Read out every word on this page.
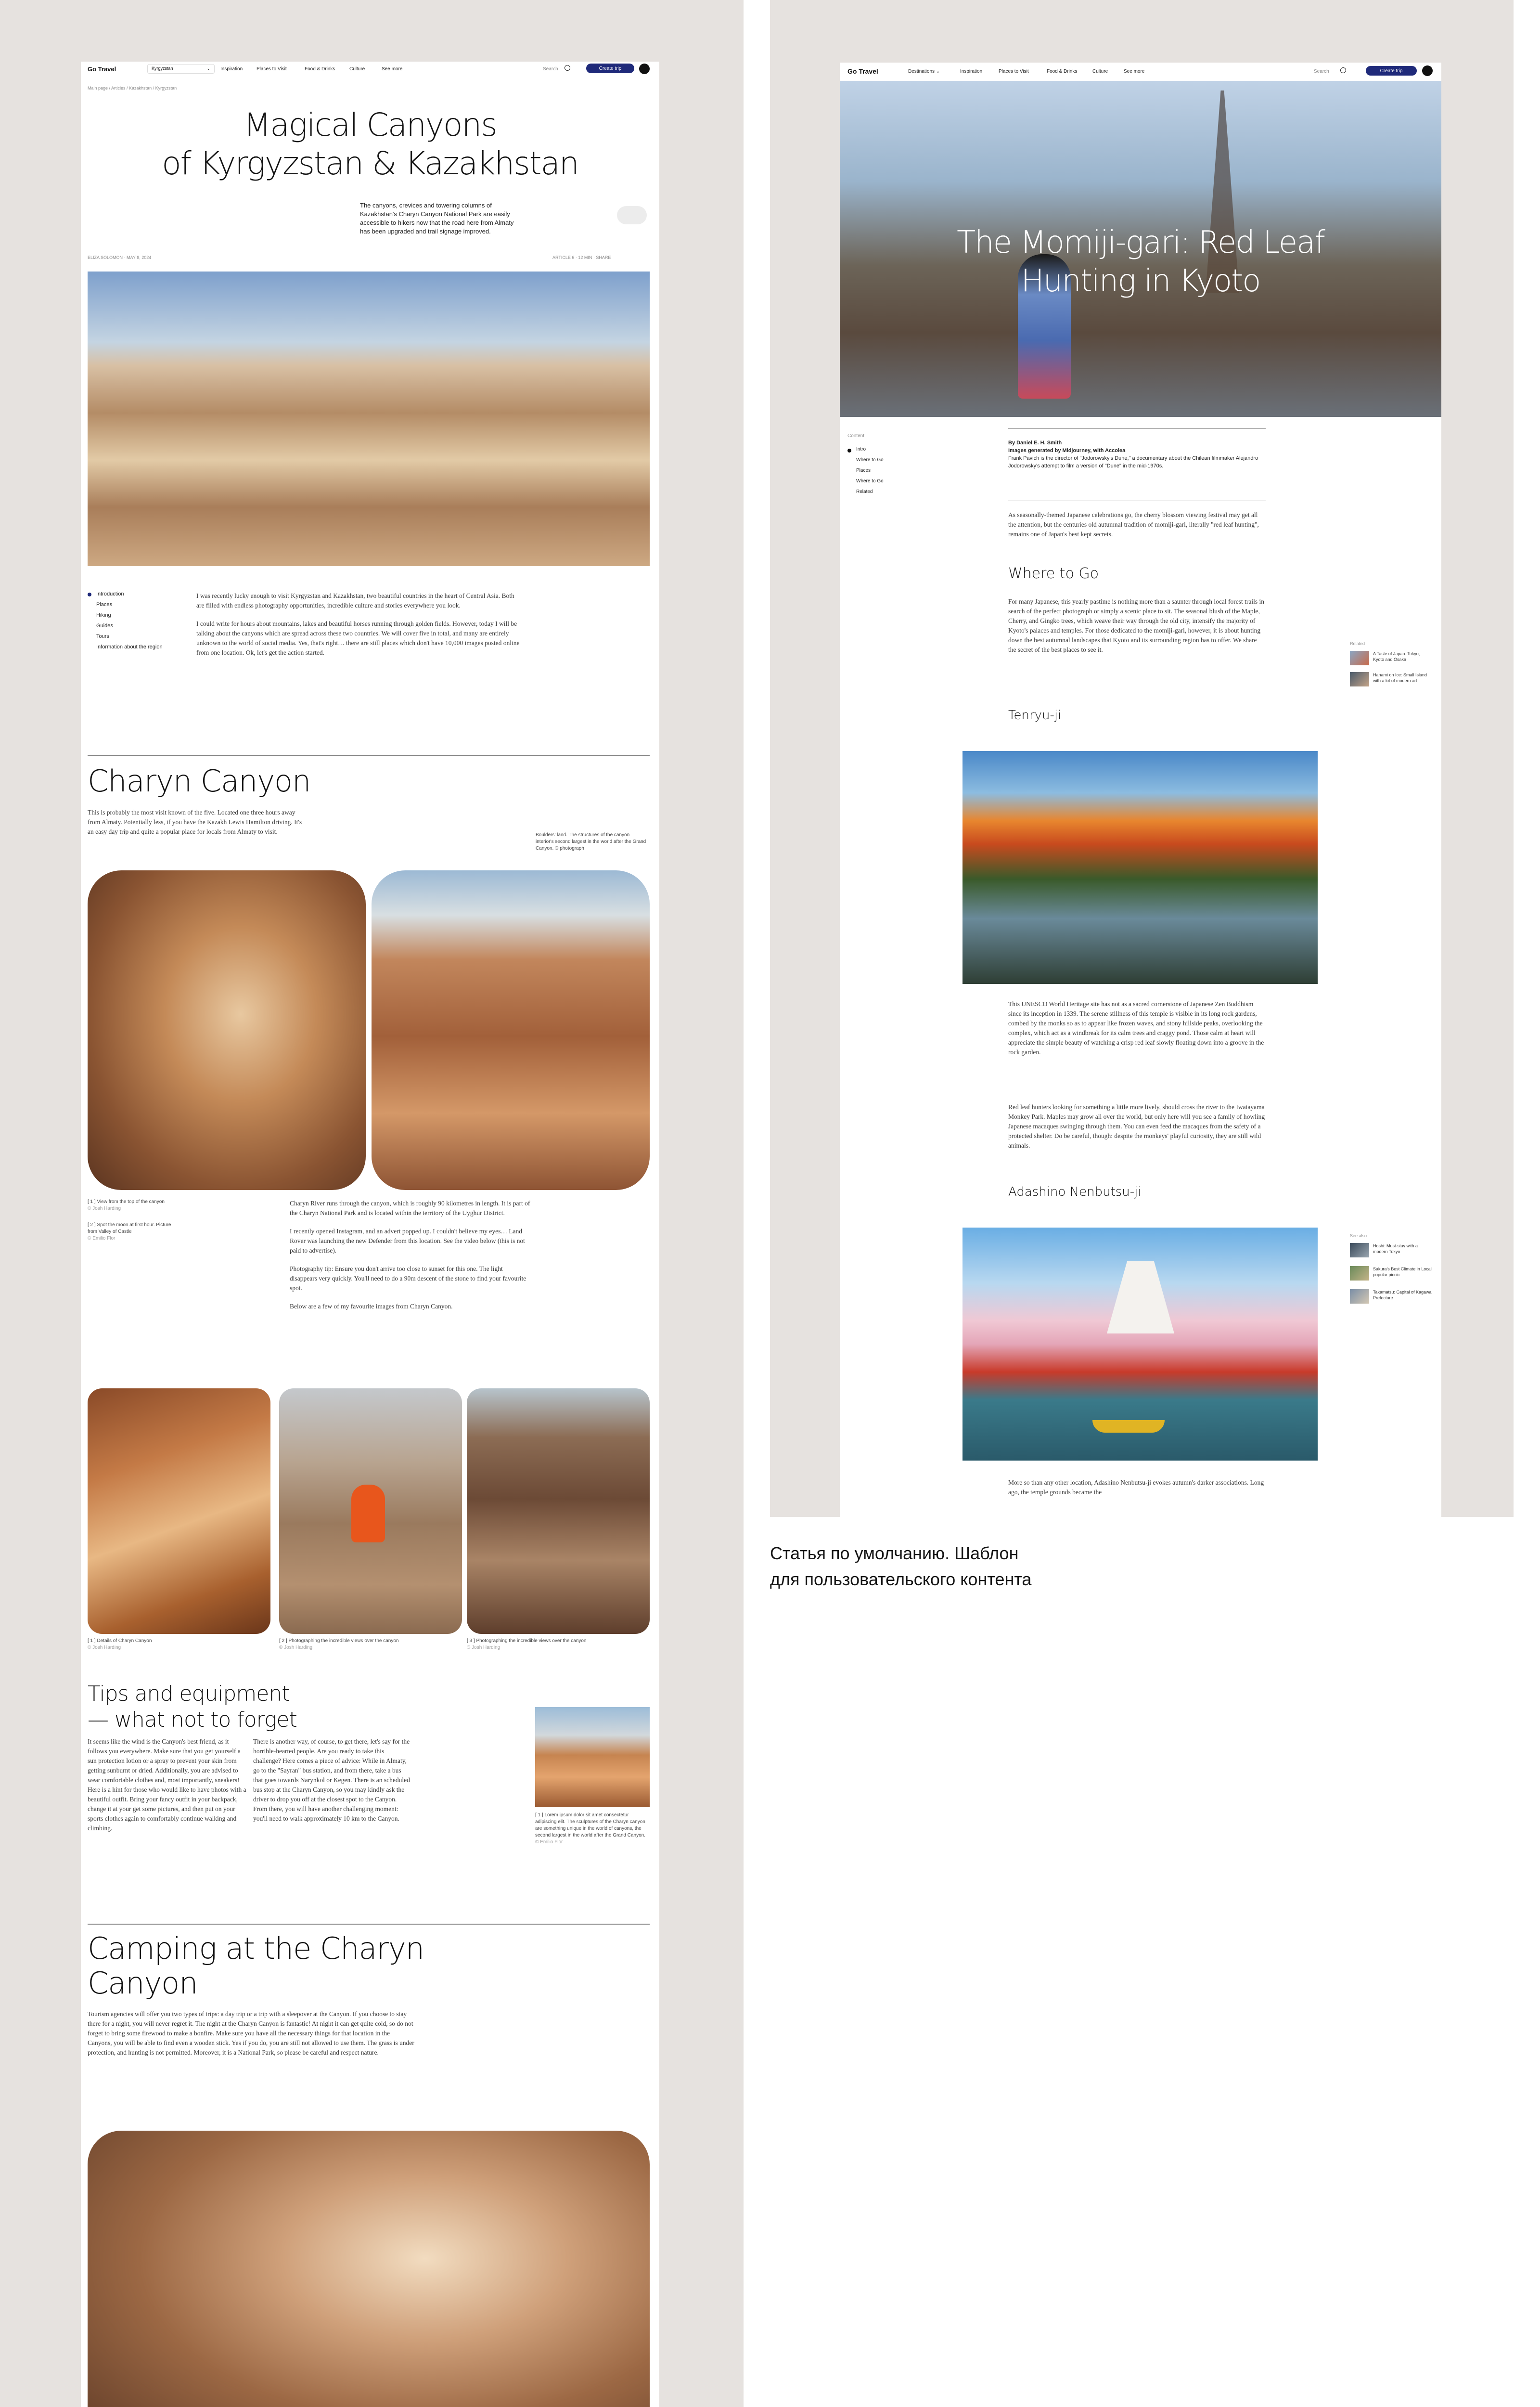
Go Travel	Kyrgyzstan	⌄ Inspiration	Places to Visit	Food & Drinks	Culture	See more	Search	Create trip
Main page / Articles / Kazakhstan / Kyrgyzstan
Magical Canyons
of Kyrgyzstan & Kazakhstan
The canyons, crevices and towering columns of Kazakhstan's Charyn Canyon National Park are easily accessible to hikers now that the road here from Almaty has been upgraded and trail signage improved.
ELIZA SOLOMON · MAY 8, 2024	ARTICLE 6 · 12 MIN · SHARE
Introduction
Places
Hiking
Guides
Tours
Information about the region

I was recently lucky enough to visit Kyrgyzstan and Kazakhstan, two beautiful countries in the heart of Central Asia. Both are filled with endless photography opportunities, incredible culture and stories everywhere you look.

I could write for hours about mountains, lakes and beautiful horses running through golden fields. However, today I will be talking about the canyons which are spread across these two countries. We will cover five in total, and many are entirely unknown to the world of social media. Yes, that's right… there are still places which don't have 10,000 images posted online from one location. Ok, let's get the action started.

Charyn Canyon
This is probably the most visit known of the five. Located one three hours away from Almaty. Potentially less, if you have the Kazakh Lewis Hamilton driving. It's an easy day trip and quite a popular place for locals from Almaty to visit.	Boulders' land. The structures of the canyon interior's second largest in the world after the Grand Canyon. © photograph
[ 1 ] View from the top of the canyon
© Josh Harding
[ 2 ] Spot the moon at first hour. Picture from Valley of Castle
© Emilio Flor

Charyn River runs through the canyon, which is roughly 90 kilometres in length. It is part of the Charyn National Park and is located within the territory of the Uyghur District.

I recently opened Instagram, and an advert popped up. I couldn't believe my eyes… Land Rover was launching the new Defender from this location. See the video below (this is not paid to advertise).

Photography tip: Ensure you don't arrive too close to sunset for this one. The light disappears very quickly. You'll need to do a 90m descent of the stone to find your favourite spot.

Below are a few of my favourite images from Charyn Canyon.

[ 1 ] Details of Charyn Canyon
© Josh Harding
[ 2 ] Photographing the incredible views over the canyon
© Josh Harding
[ 3 ] Photographing the incredible views over the canyon
© Josh Harding
Tips and equipment
— what not to forget
It seems like the wind is the Canyon's best friend, as it follows you everywhere. Make sure that you get yourself a sun protection lotion or a spray to prevent your skin from getting sunburnt or dried. Additionally, you are advised to wear comfortable clothes and, most importantly, sneakers! Here is a hint for those who would like to have photos with a beautiful outfit. Bring your fancy outfit in your backpack, change it at your get some pictures, and then put on your sports clothes again to comfortably continue walking and climbing.
There is another way, of course, to get there, let's say for the horrible-hearted people. Are you ready to take this challenge? Here comes a piece of advice: While in Almaty, go to the "Sayran" bus station, and from there, take a bus that goes towards Narynkol or Kegen. There is an scheduled bus stop at the Charyn Canyon, so you may kindly ask the driver to drop you off at the closest spot to the Canyon. From there, you will have another challenging moment: you'll need to walk approximately 10 km to the Canyon.	[ 1 ] Lorem ipsum dolor sit amet consectetur adipiscing elit. The sculptures of the Charyn canyon are something unique in the world of canyons, the second largest in the world after the Grand Canyon.
© Emilio Flor
Camping at the Charyn
Canyon
Tourism agencies will offer you two types of trips: a day trip or a trip with a sleepover at the Canyon. If you choose to stay there for a night, you will never regret it. The night at the Charyn Canyon is fantastic! At night it can get quite cold, so do not forget to bring some firewood to make a bonfire. Make sure you have all the necessary things for that location in the Canyons, you will be able to find even a wooden stick. Yes if you do, you are still not allowed to use them. The grass is under protection, and hunting is not permitted. Moreover, it is a National Park, so please be careful and respect nature.
Go Travel	Destinations ⌄	Inspiration	Places to Visit	Food & Drinks	Culture	See more	Search	Create trip
The Momiji-gari: Red Leaf
Hunting in Kyoto
Content
Intro
Where to Go
Places
Where to Go
Related
By Daniel E. H. Smith
Images generated by Midjourney, with Accolea
Frank Pavich is the director of "Jodorowsky's Dune," a documentary about the Chilean filmmaker Alejandro Jodorowsky's attempt to film a version of "Dune" in the mid-1970s.
As seasonally-themed Japanese celebrations go, the cherry blossom viewing festival may get all the attention, but the centuries old autumnal tradition of momiji-gari, literally "red leaf hunting", remains one of Japan's best kept secrets.
Where to Go
For many Japanese, this yearly pastime is nothing more than a saunter through local forest trails in search of the perfect photograph or simply a scenic place to sit. The seasonal blush of the Maple, Cherry, and Gingko trees, which weave their way through the old city, intensify the majority of Kyoto's palaces and temples. For those dedicated to the momiji-gari, however, it is about hunting down the best autumnal landscapes that Kyoto and its surrounding region has to offer. We share the secret of the best places to see it.
Tenryu-ji
This UNESCO World Heritage site has not as a sacred cornerstone of Japanese Zen Buddhism since its inception in 1339. The serene stillness of this temple is visible in its long rock gardens, combed by the monks so as to appear like frozen waves, and stony hillside peaks, overlooking the complex, which act as a windbreak for its calm trees and craggy pond. Those calm at heart will appreciate the simple beauty of watching a crisp red leaf slowly floating down into a groove in the rock garden.
Red leaf hunters looking for something a little more lively, should cross the river to the Iwatayama Monkey Park. Maples may grow all over the world, but only here will you see a family of howling Japanese macaques swinging through them. You can even feed the macaques from the safety of a protected shelter. Do be careful, though: despite the monkeys' playful curiosity, they are still wild animals.
Adashino Nenbutsu-ji
More so than any other location, Adashino Nenbutsu-ji evokes autumn's darker associations. Long ago, the temple grounds became the
Related
A Taste of Japan: Tokyo, Kyoto and Osaka
Hanami on Ice: Small Island with a lot of modern art
See also
Hoshi: Must-stay with a modern Tokyo
Sakura's Best Climate in Local popular picnic
Takamatsu: Capital of Kagawa Prefecture
Статья по умолчанию. Шаблон
для пользовательского контента
